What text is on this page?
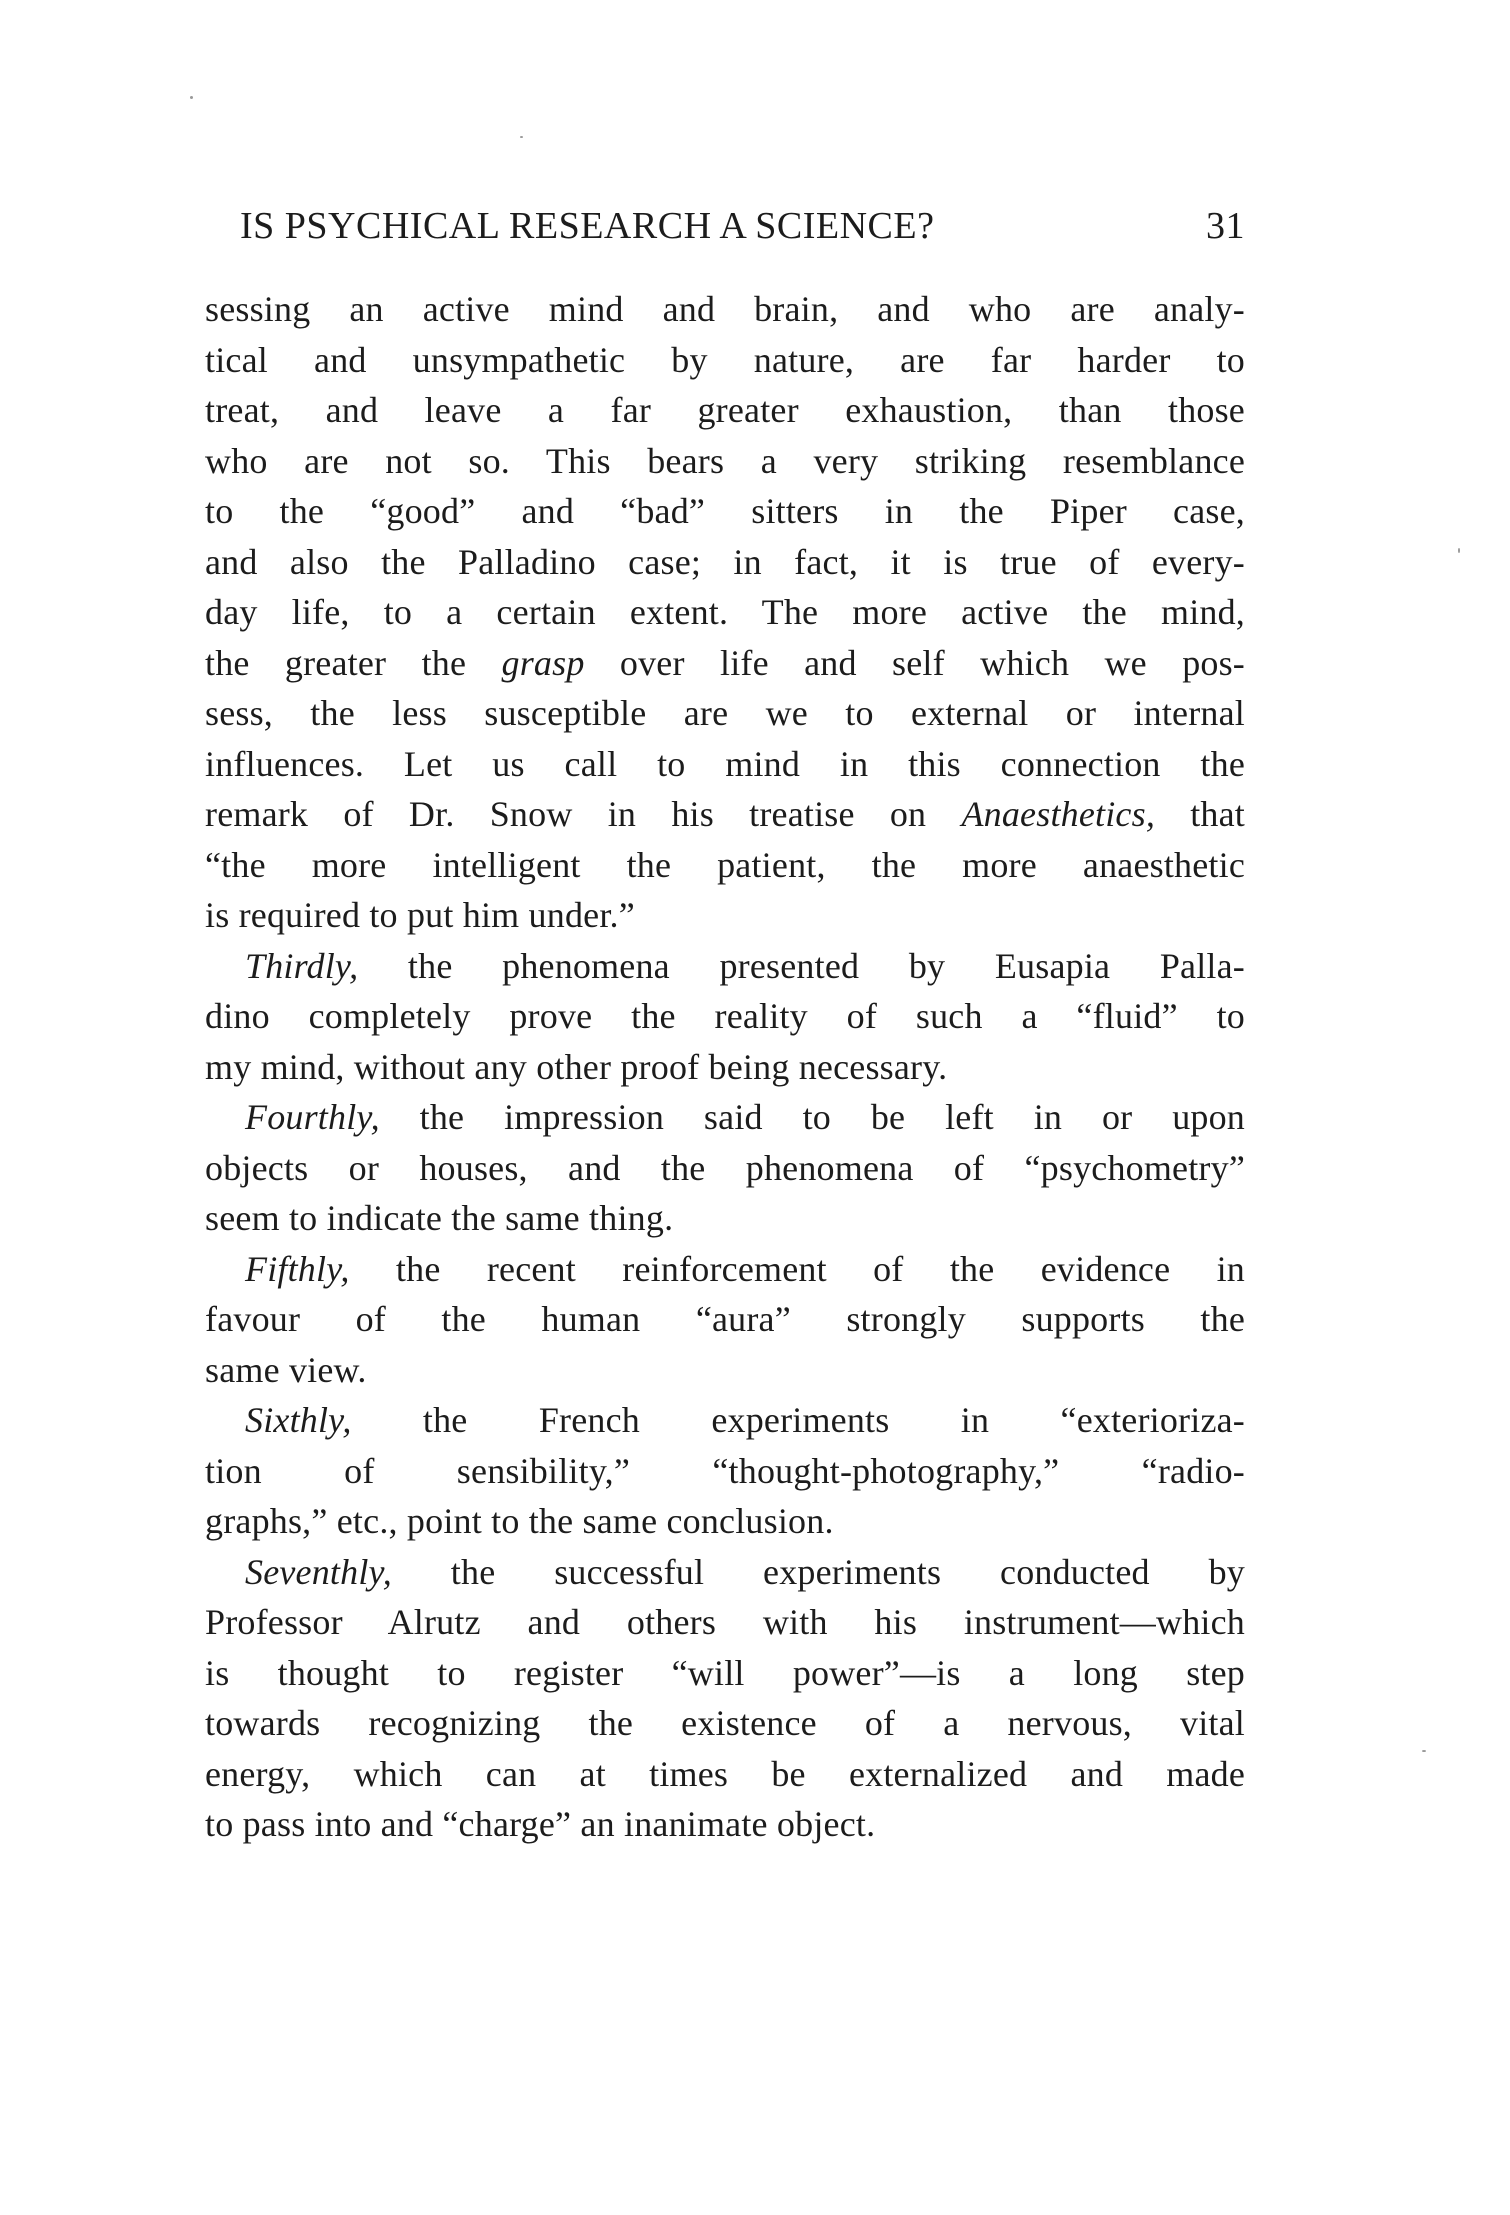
IS PSYCHICAL RESEARCH A SCIENCE?	31
sessing an active mind and brain, and who are analy-
tical and unsympathetic by nature, are far harder to
treat, and leave a far greater exhaustion, than those
who are not so. This bears a very striking resemblance
to the “good” and “bad” sitters in the Piper case,
and also the Palladino case; in fact, it is true of every-
day life, to a certain extent. The more active the mind,
the greater the grasp over life and self which we pos-
sess, the less susceptible are we to external or internal
influences. Let us call to mind in this connection the
remark of Dr. Snow in his treatise on Anaesthetics, that
“the more intelligent the patient, the more anaesthetic
is required to put him under.”
Thirdly, the phenomena presented by Eusapia Palla-
dino completely prove the reality of such a “fluid” to
my mind, without any other proof being necessary.
Fourthly, the impression said to be left in or upon
objects or houses, and the phenomena of “psychometry”
seem to indicate the same thing.
Fifthly, the recent reinforcement of the evidence in
favour of the human “aura” strongly supports the
same view.
Sixthly, the French experiments in “exterioriza-
tion of sensibility,” “thought-photography,” “radio-
graphs,” etc., point to the same conclusion.
Seventhly, the successful experiments conducted by
Professor Alrutz and others with his instrument—which
is thought to register “will power”—is a long step
towards recognizing the existence of a nervous, vital
energy, which can at times be externalized and made
to pass into and “charge” an inanimate object.
